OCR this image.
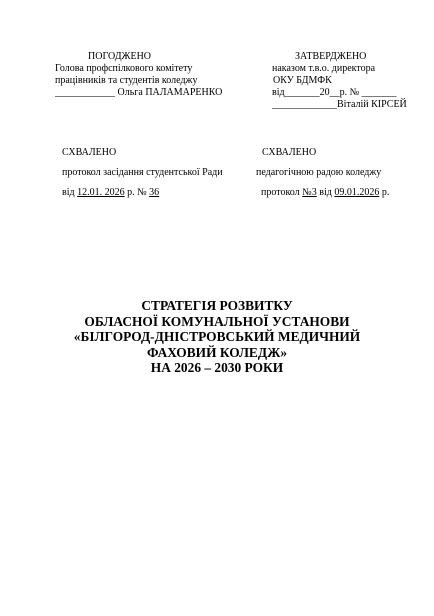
ПОГОДЖЕНО
Голова профспілкового комітету
працівників та студентів коледжу
____________ Ольга ПАЛАМАРЕНКО
ЗАТВЕРДЖЕНО
наказом т.в.о. директора
ОКУ БДМФК
від_______20__р. № _______
_____________Віталій КІРСЕЙ
СХВАЛЕНО
протокол засідання студентської Ради
від 12.01. 2026 р. № 36
СХВАЛЕНО
педагогічною радою коледжу
протокол №3 від 09.01.2026 р.
СТРАТЕГІЯ РОЗВИТКУ
ОБЛАСНОЇ КОМУНАЛЬНОЇ УСТАНОВИ
«БІЛГОРОД-ДНІСТРОВСЬКИЙ МЕДИЧНИЙ
ФАХОВИЙ КОЛЕДЖ»
НА 2026 – 2030 РОКИ
